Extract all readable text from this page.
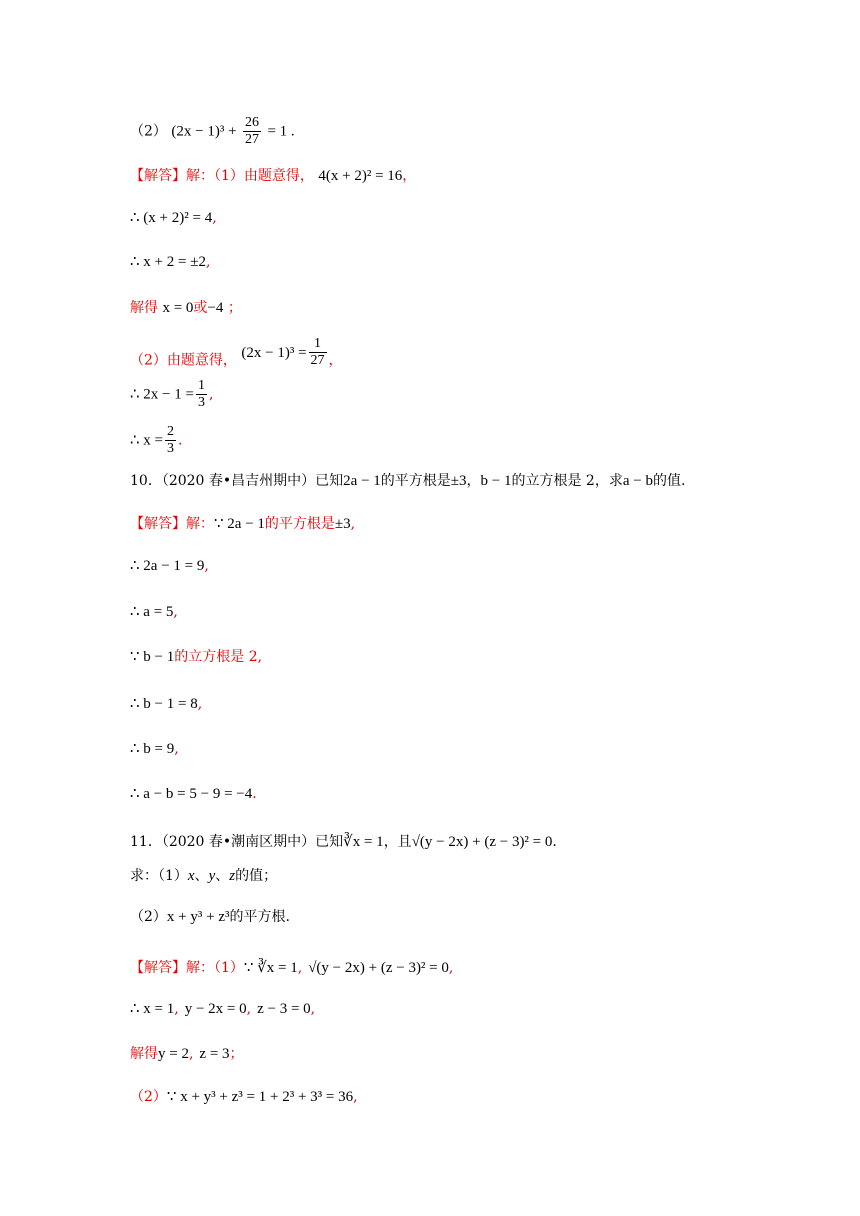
（2） $(2x - 1)^3 + \frac{26}{27} = 1$ .
【解答】解：（1）由题意得， 4(x + 2)² = 16，
∴ (x + 2)² = 4,
∴ x + 2 = ±2,
解得 x = 0或−4 ；
（2）由题意得， $(2x - 1)^3 = \frac{1}{27}$ ，
∴ $2x - 1 = \frac{1}{3}$ ,
∴ $x = \frac{2}{3}$ .
10．（2020 春•昌吉州期中）已知2a − 1的平方根是±3，b − 1的立方根是 2，求a − b的值.
【解答】解：∵ 2a − 1的平方根是±3,
∴ 2a − 1 = 9,
∴ a = 5,
∵ b − 1的立方根是 2,
∴ b − 1 = 8,
∴ b = 9,
∴ a − b = 5 − 9 = −4.
11．（2020 春•潮南区期中）已知∛x = 1，且√(y − 2x) + (z − 3)² = 0.
求：（1）x、y、z的值；
（2）x + y³ + z³的平方根.
【解答】解：（1）∵ ∛x = 1, √(y − 2x) + (z − 3)² = 0,
∴ x = 1, y − 2x = 0, z − 3 = 0,
解得y = 2, z = 3；
（2）∵ x + y³ + z³ = 1 + 2³ + 3³ = 36,
